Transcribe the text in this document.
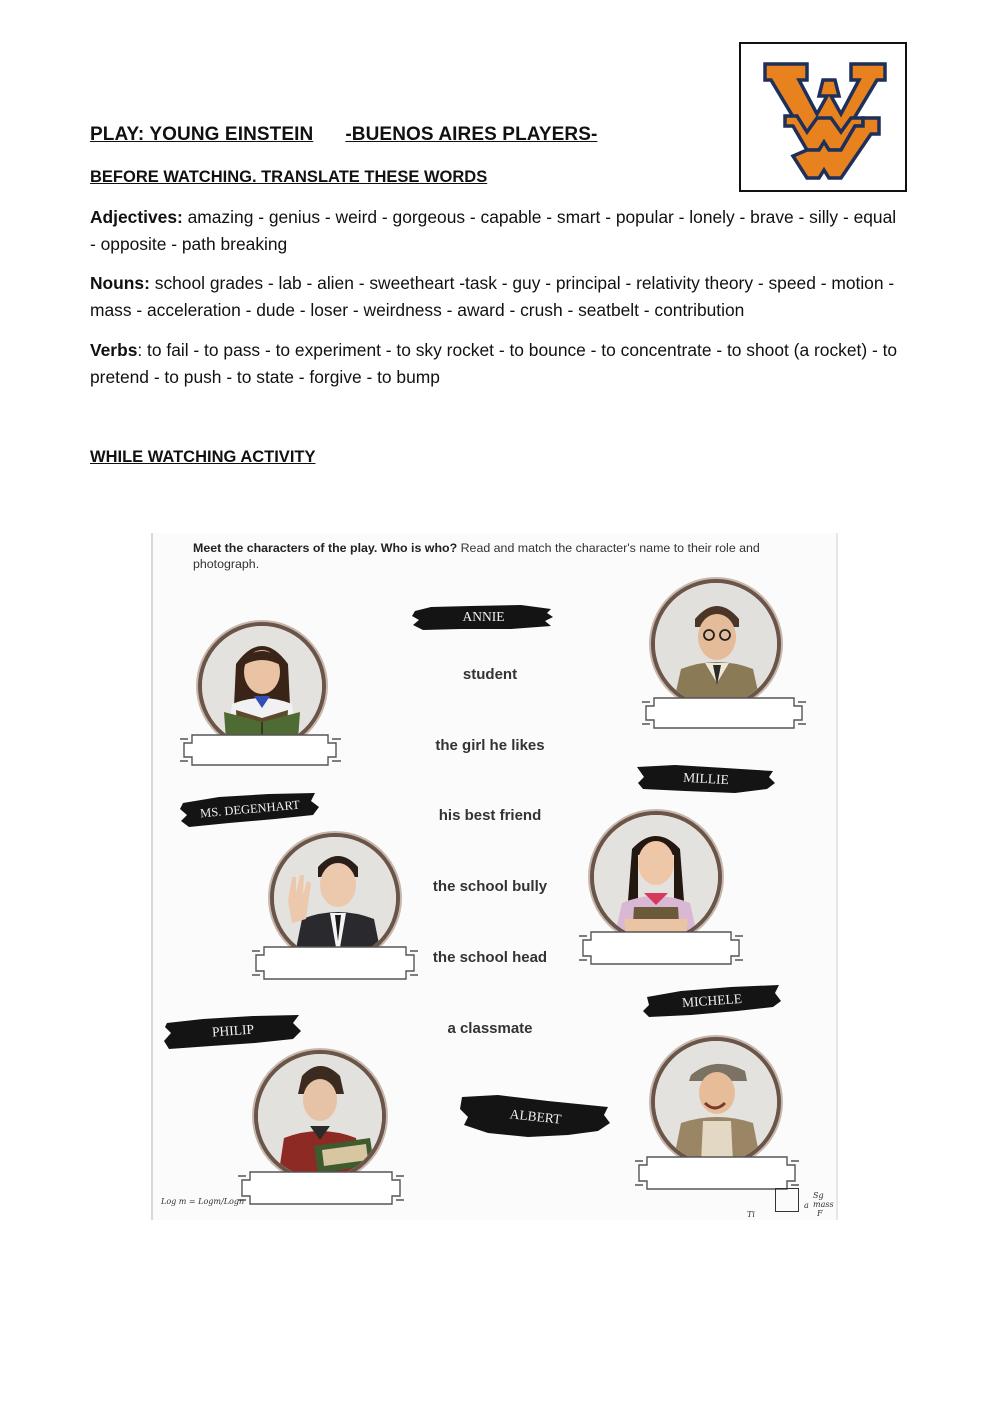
PLAY: YOUNG EINSTEIN -BUENOS AIRES PLAYERS-
BEFORE WATCHING. TRANSLATE THESE WORDS
Adjectives: amazing - genius - weird - gorgeous - capable - smart - popular - lonely - brave - silly - equal - opposite - path breaking
Nouns: school grades - lab - alien - sweetheart -task - guy - principal - relativity theory - speed - motion - mass - acceleration - dude - loser - weirdness - award - crush - seatbelt - contribution
Verbs: to fail - to pass - to experiment - to sky rocket - to bounce - to concentrate - to shoot (a rocket) - to pretend - to push - to state - forgive - to bump
WHILE WATCHING ACTIVITY
Meet the characters of the play. Who is who? Read and match the character's name to their role and photograph.
student
the girl he likes
his best friend
the school bully
the school head
a classmate
ANNIE
MILLIE
MS. DEGENHART
MICHELE
PHILIP
ALBERT
Log m = Logm/Logn
Ti
a
Sg mass
F
